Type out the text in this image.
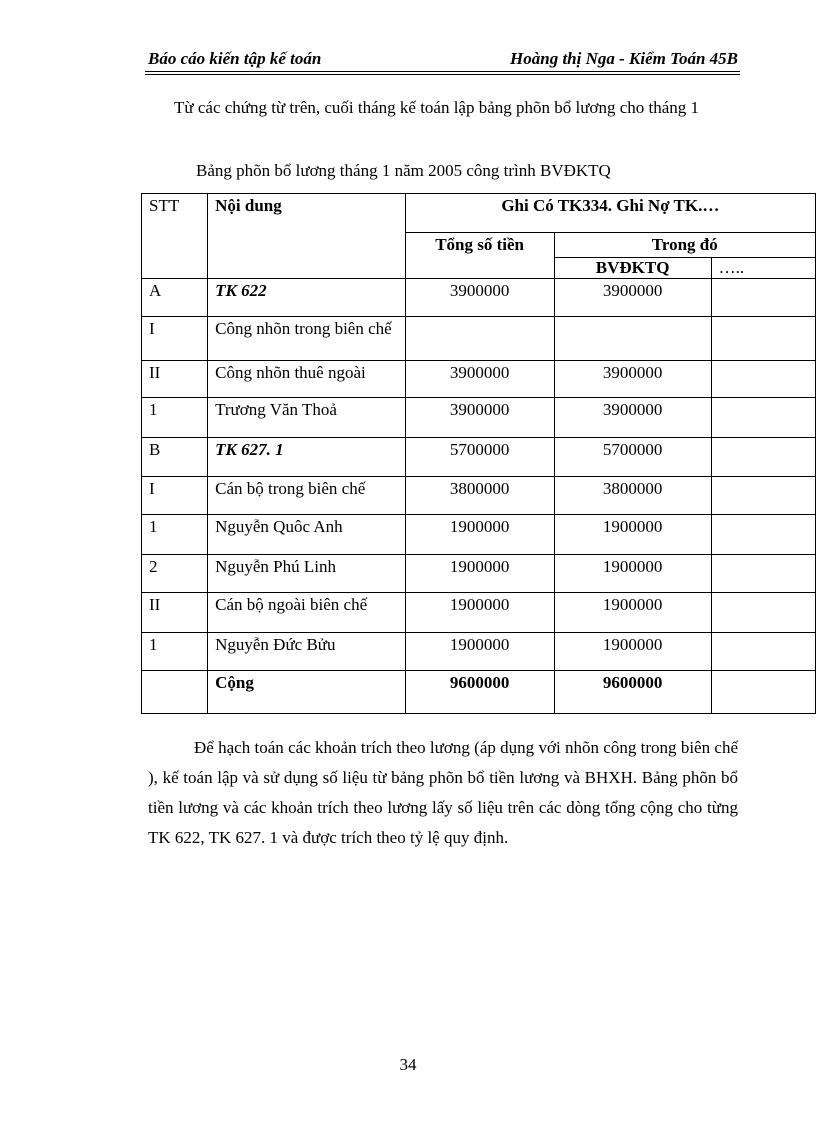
Báo cáo kiến tập kế toán	Hoàng thị Nga - Kiểm Toán 45B
Từ các chứng từ trên, cuối tháng kế toán lập bảng phõn bổ lương cho tháng 1
Bảng phõn bổ lương tháng 1 năm 2005 công trình BVĐKTQ
STT	Nội dung	Ghi Có TK334. Ghi Nợ TK.…		
		Tổng số tiền	Trong đó	
			BVĐKTQ	…..
A	TK 622	3900000	3900000	
I	Công nhõn trong biên chế			
II	Công nhõn thuê ngoài	3900000	3900000	
1	Trương Văn Thoả	3900000	3900000	
B	TK 627. 1	5700000	5700000	
I	Cán bộ trong biên chế	3800000	3800000	
1	Nguyễn Quôc Anh	1900000	1900000	
2	Nguyễn Phú Linh	1900000	1900000	
II	Cán bộ ngoài biên chế	1900000	1900000	
1	Nguyễn Đức Bửu	1900000	1900000	
	Cộng	9600000	9600000	
Để hạch toán các khoản trích theo lương (áp dụng với nhõn công trong biên chế ), kế toán lập và sử dụng số liệu từ bảng phõn bổ tiền lương và BHXH. Bảng phõn bổ tiền lương và các khoản trích theo lương lấy số liệu trên các dòng tổng cộng cho từng TK 622, TK 627. 1 và được trích theo tỷ lệ quy định.
34
